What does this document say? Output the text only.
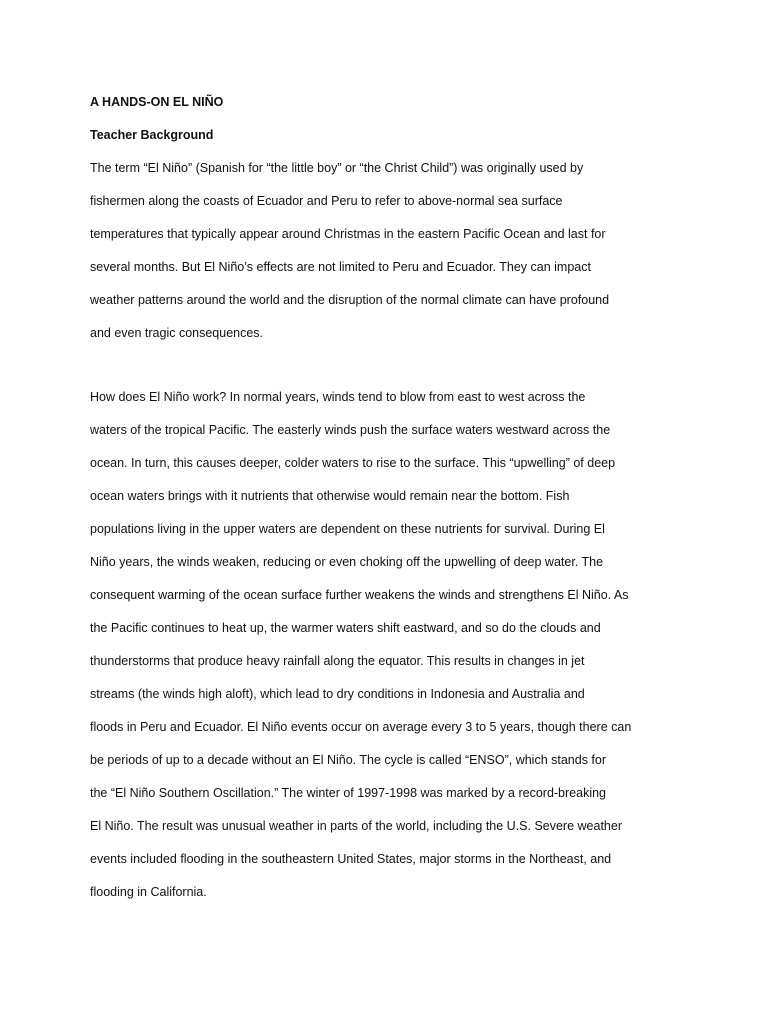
A HANDS-ON EL NIÑO
Teacher Background
The term “El Niño” (Spanish for “the little boy” or “the Christ Child”) was originally used by
fishermen along the coasts of Ecuador and Peru to refer to above-normal sea surface
temperatures that typically appear around Christmas in the eastern Pacific Ocean and last for
several months. But El Niño’s effects are not limited to Peru and Ecuador. They can impact
weather patterns around the world and the disruption of the normal climate can have profound
and even tragic consequences.
How does El Niño work? In normal years, winds tend to blow from east to west across the
waters of the tropical Pacific. The easterly winds push the surface waters westward across the
ocean. In turn, this causes deeper, colder waters to rise to the surface. This “upwelling” of deep
ocean waters brings with it nutrients that otherwise would remain near the bottom. Fish
populations living in the upper waters are dependent on these nutrients for survival. During El
Niño years, the winds weaken, reducing or even choking off the upwelling of deep water. The
consequent warming of the ocean surface further weakens the winds and strengthens El Niño. As
the Pacific continues to heat up, the warmer waters shift eastward, and so do the clouds and
thunderstorms that produce heavy rainfall along the equator. This results in changes in jet
streams (the winds high aloft), which lead to dry conditions in Indonesia and Australia and
floods in Peru and Ecuador. El Niño events occur on average every 3 to 5 years, though there can
be periods of up to a decade without an El Niño. The cycle is called “ENSO”, which stands for
the “El Niño Southern Oscillation.” The winter of 1997-1998 was marked by a record-breaking
El Niño. The result was unusual weather in parts of the world, including the U.S. Severe weather
events included flooding in the southeastern United States, major storms in the Northeast, and
flooding in California.
